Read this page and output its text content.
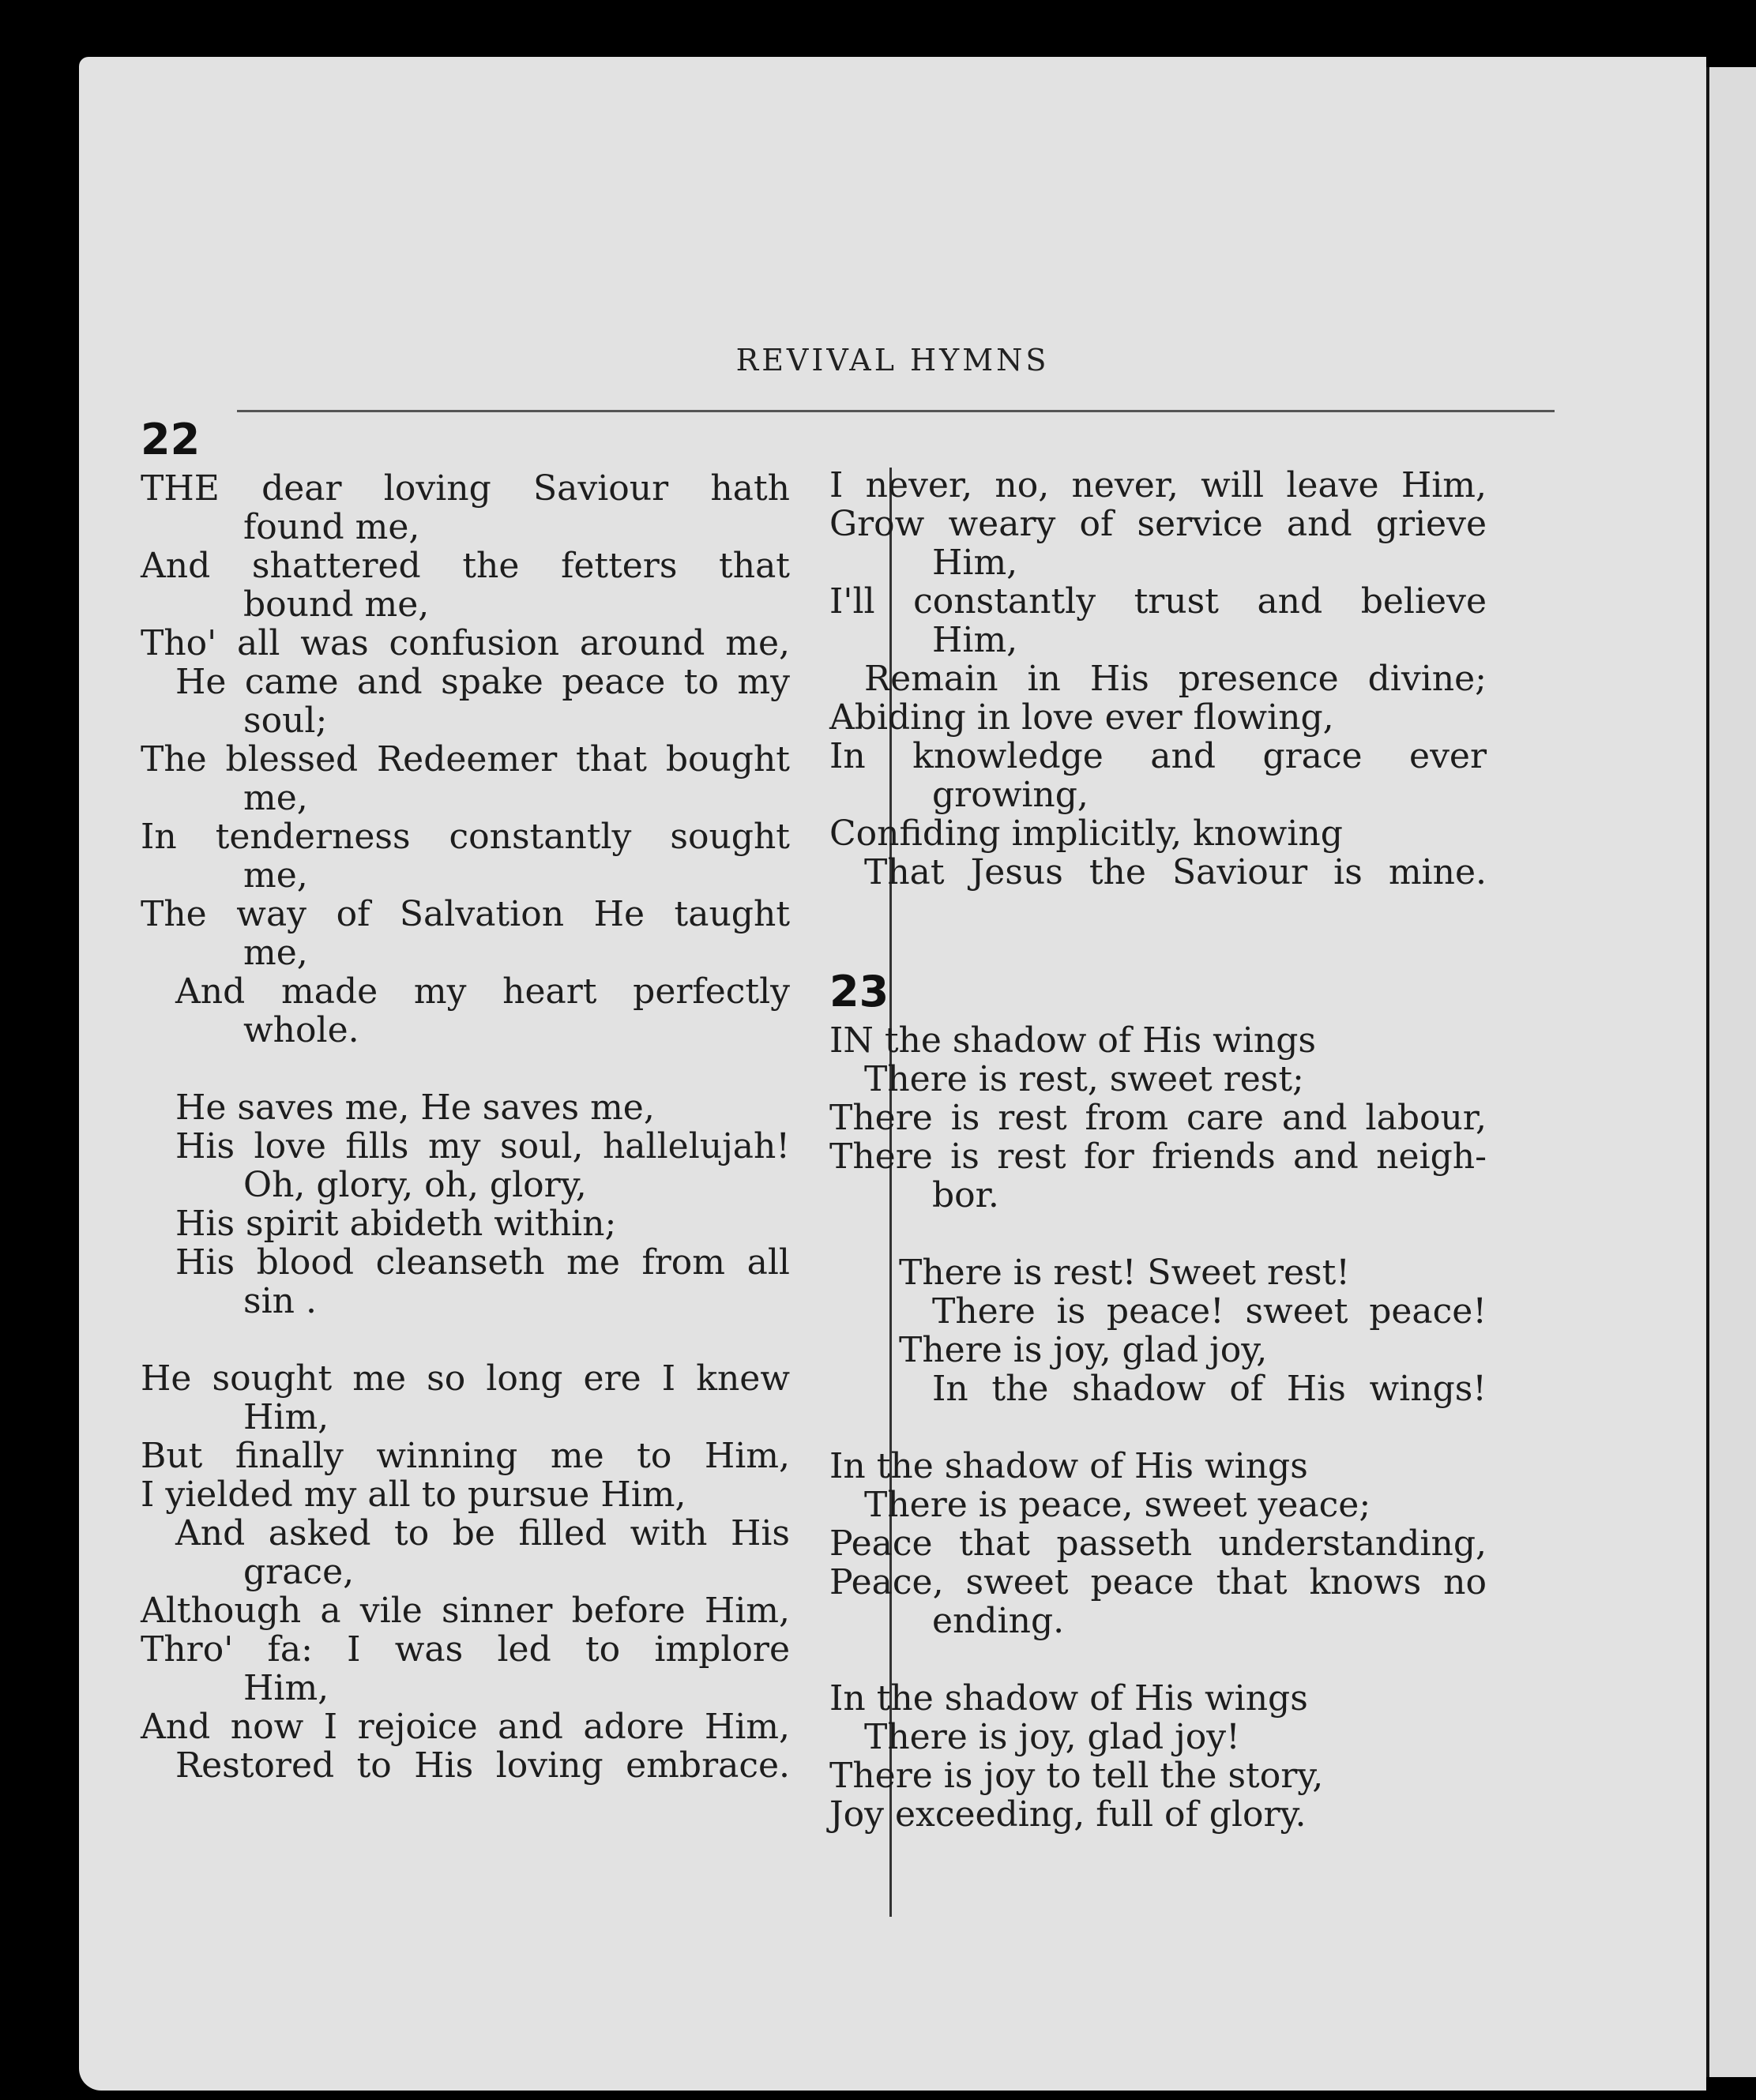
REVIVAL HYMNS
22
THE dear loving Saviour hath
found me,
And shattered the fetters that
bound me,
Tho' all was confusion around me,
He came and spake peace to my
soul;
The blessed Redeemer that bought
me,
In tenderness constantly sought
me,
The way of Salvation He taught
me,
And made my heart perfectly
whole.
He saves me, He saves me,
His love fills my soul, hallelujah!
Oh, glory, oh, glory,
His spirit abideth within;
His blood cleanseth me from all
sin .
He sought me so long ere I knew
Him,
But finally winning me to Him,
I yielded my all to pursue Him,
And asked to be filled with His
grace,
Although a vile sinner before Him,
Thro' fa: I was led to implore
Him,
And now I rejoice and adore Him,
Restored to His loving embrace.
I never, no, never, will leave Him,
Grow weary of service and grieve
Him,
I'll constantly trust and believe
Him,
Remain in His presence divine;
Abiding in love ever flowing,
In knowledge and grace ever
growing,
Confiding implicitly, knowing
That Jesus the Saviour is mine.
23
IN the shadow of His wings
There is rest, sweet rest;
There is rest from care and labour,
There is rest for friends and neigh-
bor.
There is rest! Sweet rest!
There is peace! sweet peace!
There is joy, glad joy,
In the shadow of His wings!
In the shadow of His wings
There is peace, sweet yeace;
Peace that passeth understanding,
Peace, sweet peace that knows no
ending.
In the shadow of His wings
There is joy, glad joy!
There is joy to tell the story,
Joy exceeding, full of glory.
